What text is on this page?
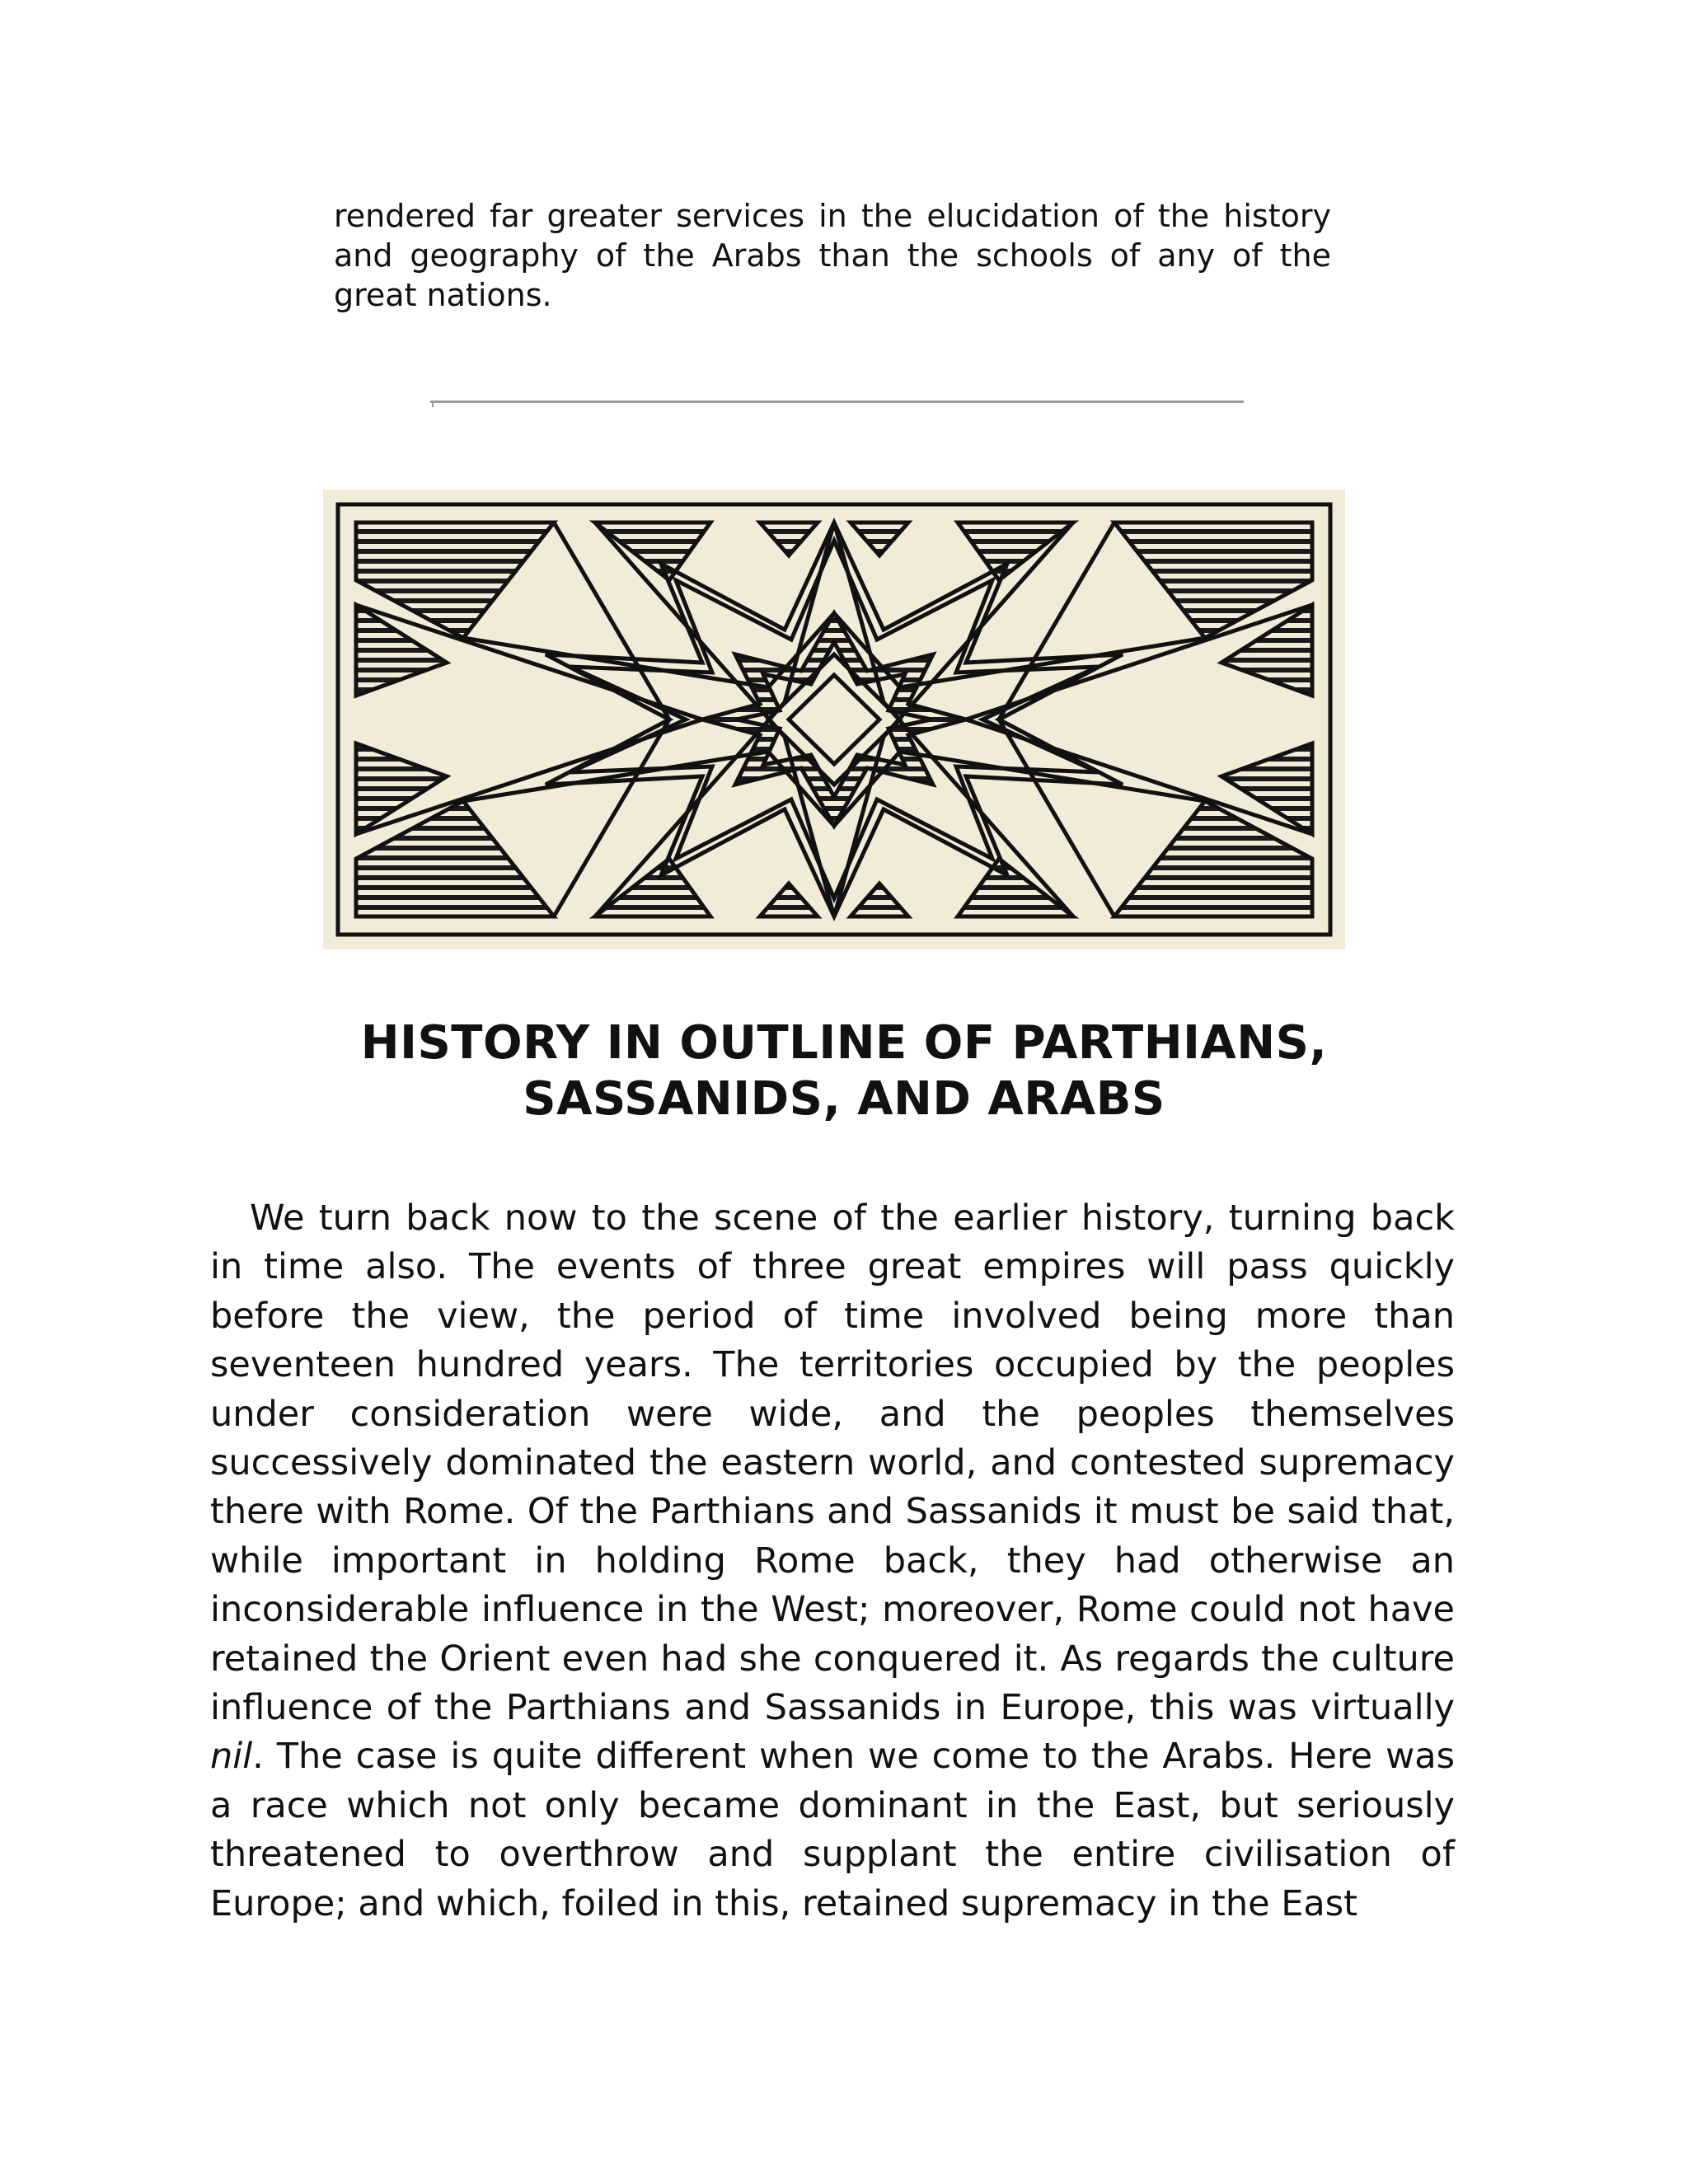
rendered far greater services in the elucidation of the history and geography of the Arabs than the schools of any of the great nations.

HISTORY IN OUTLINE OF PARTHIANS,
SASSANIDS, AND ARABS

We turn back now to the scene of the earlier history, turning back in time also. The events of three great empires will pass quickly before the view, the period of time involved being more than seventeen hundred years. The territories occupied by the peoples under consideration were wide, and the peoples themselves successively dominated the eastern world, and contested supremacy there with Rome. Of the Parthians and Sassanids it must be said that, while important in holding Rome back, they had otherwise an inconsiderable influence in the West; moreover, Rome could not have retained the Orient even had she conquered it. As regards the culture influence of the Parthians and Sassanids in Europe, this was virtually nil. The case is quite different when we come to the Arabs. Here was a race which not only became dominant in the East, but seriously threatened to overthrow and supplant the entire civilisation of Europe; and which, foiled in this, retained supremacy in the East
